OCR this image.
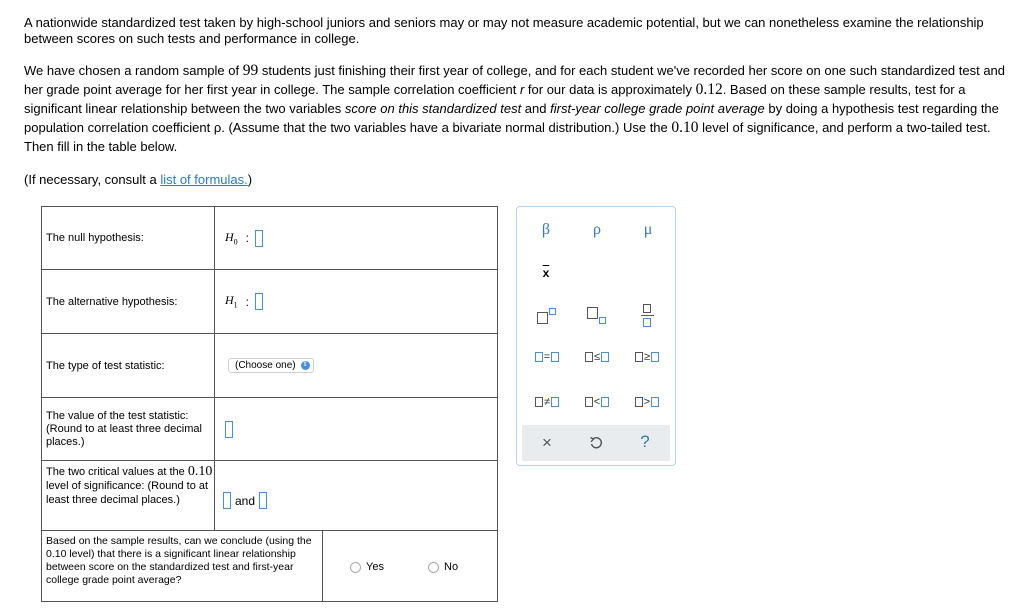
A nationwide standardized test taken by high-school juniors and seniors may or may not measure academic potential, but we can nonetheless examine the relationship between scores on such tests and performance in college.

We have chosen a random sample of 99 students just finishing their first year of college, and for each student we've recorded her score on one such standardized test and her grade point average for her first year in college. The sample correlation coefficient r for our data is approximately 0.12. Based on these sample results, test for a significant linear relationship between the two variables score on this standardized test and first-year college grade point average by doing a hypothesis test regarding the population correlation coefficient ρ. (Assume that the two variables have a bivariate normal distribution.) Use the 0.10 level of significance, and perform a two-tailed test. Then fill in the table below.

(If necessary, consult a list of formulas.)

The null hypothesis:	$H_0$ :
The alternative hypothesis:	$H_1$ :
The type of test statistic:	(Choose one)	⇕
The value of the test statistic: (Round to at least three decimal places.)
The two critical values at the 0.10 level of significance: (Round to at least three decimal places.)	and
Based on the sample results, can we conclude (using the 0.10 level) that there is a significant linear relationship between score on the standardized test and first-year college grade point average?
Yes	No
β	ρ	μ
$\overline{x}$
=	≤	≥
≠	<	>
×	?
